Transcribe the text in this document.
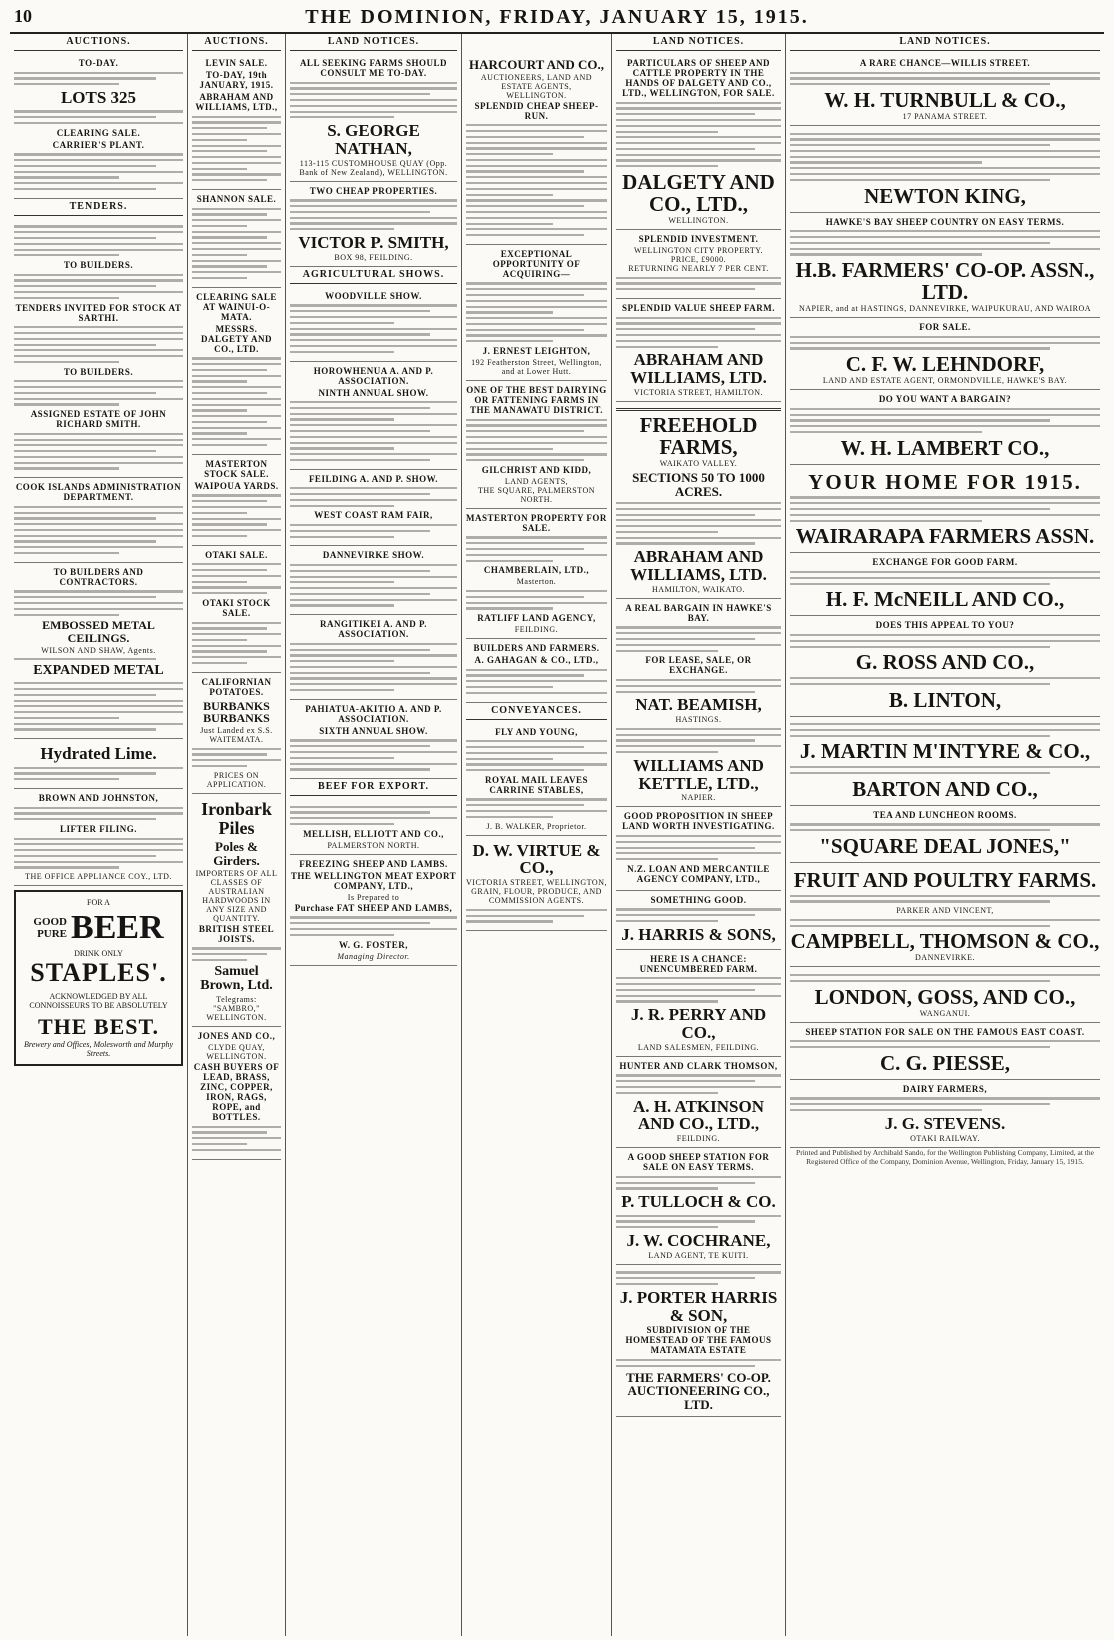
10	THE DOMINION, FRIDAY, JANUARY 15, 1915.
AUCTIONS.
TO-DAY.
LOTS 325
CLEARING SALE.
CARRIER'S PLANT.
TENDERS.
TO BUILDERS.
TENDERS INVITED FOR STOCK AT SARTHI.
TO BUILDERS.
ASSIGNED ESTATE OF JOHN RICHARD SMITH.
COOK ISLANDS ADMINISTRATION DEPARTMENT.
TO BUILDERS AND CONTRACTORS.
EMBOSSED METAL CEILINGS.
WILSON AND SHAW, Agents.
EXPANDED METAL
Hydrated Lime.
BROWN AND JOHNSTON,
LIFTER FILING.
THE OFFICE APPLIANCE COY., LTD.
FOR A
GOOD
PURE BEER
DRINK ONLY
STAPLES'.
ACKNOWLEDGED BY ALL CONNOISSEURS TO BE ABSOLUTELY
THE BEST.
Brewery and Offices, Molesworth and Murphy Streets.
AUCTIONS.
LEVIN SALE.
TO-DAY, 19th JANUARY, 1915.
ABRAHAM AND WILLIAMS, LTD.,
SHANNON SALE.
CLEARING SALE AT WAINUI-O-MATA.
MESSRS. DALGETY AND CO., LTD.
MASTERTON STOCK SALE.
WAIPOUA YARDS.
OTAKI SALE.
OTAKI STOCK SALE.
CALIFORNIAN POTATOES.
BURBANKS BURBANKS
Just Landed ex S.S. WAITEMATA.
PRICES ON APPLICATION.
Ironbark Piles
Poles & Girders.
IMPORTERS OF ALL CLASSES OF AUSTRALIAN HARDWOODS IN ANY SIZE AND QUANTITY.
BRITISH STEEL JOISTS.
Samuel Brown, Ltd.
Telegrams: "SAMBRO," WELLINGTON.
JONES AND CO.,
CLYDE QUAY, WELLINGTON.
CASH BUYERS OF LEAD, BRASS, ZINC, COPPER, IRON, RAGS, ROPE, and BOTTLES.
LAND NOTICES.
ALL SEEKING FARMS SHOULD CONSULT ME TO-DAY.
S. GEORGE NATHAN,
113-115 CUSTOMHOUSE QUAY (Opp. Bank of New Zealand), WELLINGTON.
TWO CHEAP PROPERTIES.
VICTOR P. SMITH,
BOX 98, FEILDING.
AGRICULTURAL SHOWS.
WOODVILLE SHOW.
HOROWHENUA A. AND P. ASSOCIATION.
NINTH ANNUAL SHOW.
FEILDING A. AND P. SHOW.
WEST COAST RAM FAIR,
DANNEVIRKE SHOW.
RANGITIKEI A. AND P. ASSOCIATION.
PAHIATUA-AKITIO A. AND P. ASSOCIATION.
SIXTH ANNUAL SHOW.
BEEF FOR EXPORT.
MELLISH, ELLIOTT AND CO.,
PALMERSTON NORTH.
FREEZING SHEEP AND LAMBS.
THE WELLINGTON MEAT EXPORT COMPANY, LTD.,
Is Prepared to
Purchase FAT SHEEP AND LAMBS,
W. G. FOSTER,
Managing Director.
HARCOURT AND CO.,
AUCTIONEERS, LAND AND ESTATE AGENTS,
WELLINGTON.
SPLENDID CHEAP SHEEP-RUN.
EXCEPTIONAL OPPORTUNITY OF ACQUIRING—
J. ERNEST LEIGHTON,
192 Featherston Street, Wellington,
and at Lower Hutt.
ONE OF THE BEST DAIRYING OR FATTENING FARMS IN THE MANAWATU DISTRICT.
GILCHRIST AND KIDD,
LAND AGENTS,
THE SQUARE, PALMERSTON NORTH.
MASTERTON PROPERTY FOR SALE.
CHAMBERLAIN, LTD.,
Masterton.
RATLIFF LAND AGENCY,
FEILDING.
BUILDERS AND FARMERS.
A. GAHAGAN & CO., LTD.,
CONVEYANCES.
FLY AND YOUNG,
ROYAL MAIL LEAVES CARRINE STABLES,
J. B. WALKER, Proprietor.
D. W. VIRTUE & CO.,
VICTORIA STREET, WELLINGTON,
GRAIN, FLOUR, PRODUCE, AND COMMISSION AGENTS.
LAND NOTICES.
PARTICULARS OF SHEEP AND CATTLE PROPERTY IN THE HANDS OF DALGETY AND CO., LTD., WELLINGTON, FOR SALE.
DALGETY AND CO., LTD.,
WELLINGTON.
SPLENDID INVESTMENT.
WELLINGTON CITY PROPERTY.
PRICE, £9000.
RETURNING NEARLY 7 PER CENT.
SPLENDID VALUE SHEEP FARM.
ABRAHAM AND WILLIAMS, LTD.
VICTORIA STREET, HAMILTON.
FREEHOLD FARMS,
WAIKATO VALLEY.
SECTIONS 50 TO 1000 ACRES.
ABRAHAM AND WILLIAMS, LTD.
HAMILTON, WAIKATO.
A REAL BARGAIN IN HAWKE'S BAY.
FOR LEASE, SALE, OR EXCHANGE.
NAT. BEAMISH,
HASTINGS.
WILLIAMS AND KETTLE, LTD.,
NAPIER.
GOOD PROPOSITION IN SHEEP LAND WORTH INVESTIGATING.
N.Z. LOAN AND MERCANTILE AGENCY COMPANY, LTD.,
SOMETHING GOOD.
J. HARRIS & SONS,
HERE IS A CHANCE: UNENCUMBERED FARM.
J. R. PERRY AND CO.,
LAND SALESMEN, FEILDING.
HUNTER AND CLARK THOMSON,
A. H. ATKINSON AND CO., LTD.,
FEILDING.
A GOOD SHEEP STATION FOR SALE ON EASY TERMS.
P. TULLOCH & CO.
J. W. COCHRANE,
LAND AGENT, TE KUITI.
J. PORTER HARRIS & SON,
SUBDIVISION OF THE HOMESTEAD OF THE FAMOUS MATAMATA ESTATE
THE FARMERS' CO-OP. AUCTIONEERING CO., LTD.
LAND NOTICES.
A RARE CHANCE—WILLIS STREET.
W. H. TURNBULL & CO.,
17 PANAMA STREET.
NEWTON KING,
HAWKE'S BAY SHEEP COUNTRY ON EASY TERMS.
H.B. FARMERS' CO-OP. ASSN., LTD.
NAPIER, and at HASTINGS, DANNEVIRKE, WAIPUKURAU, AND WAIROA
FOR SALE.
C. F. W. LEHNDORF,
LAND AND ESTATE AGENT, ORMONDVILLE, HAWKE'S BAY.
DO YOU WANT A BARGAIN?
W. H. LAMBERT CO.,
YOUR HOME FOR 1915.
WAIRARAPA FARMERS ASSN.
EXCHANGE FOR GOOD FARM.
H. F. McNEILL AND CO.,
DOES THIS APPEAL TO YOU?
G. ROSS AND CO.,
B. LINTON,
J. MARTIN M'INTYRE & CO.,
BARTON AND CO.,
TEA AND LUNCHEON ROOMS.
"SQUARE DEAL JONES,"
FRUIT AND POULTRY FARMS.
PARKER AND VINCENT,
CAMPBELL, THOMSON & CO.,
DANNEVIRKE.
LONDON, GOSS, AND CO.,
WANGANUI.
SHEEP STATION FOR SALE ON THE FAMOUS EAST COAST.
C. G. PIESSE,
DAIRY FARMERS,
J. G. STEVENS.
OTAKI RAILWAY.
Printed and Published by Archibald Sando, for the Wellington Publishing Company, Limited, at the Registered Office of the Company, Dominion Avenue, Wellington, Friday, January 15, 1915.
